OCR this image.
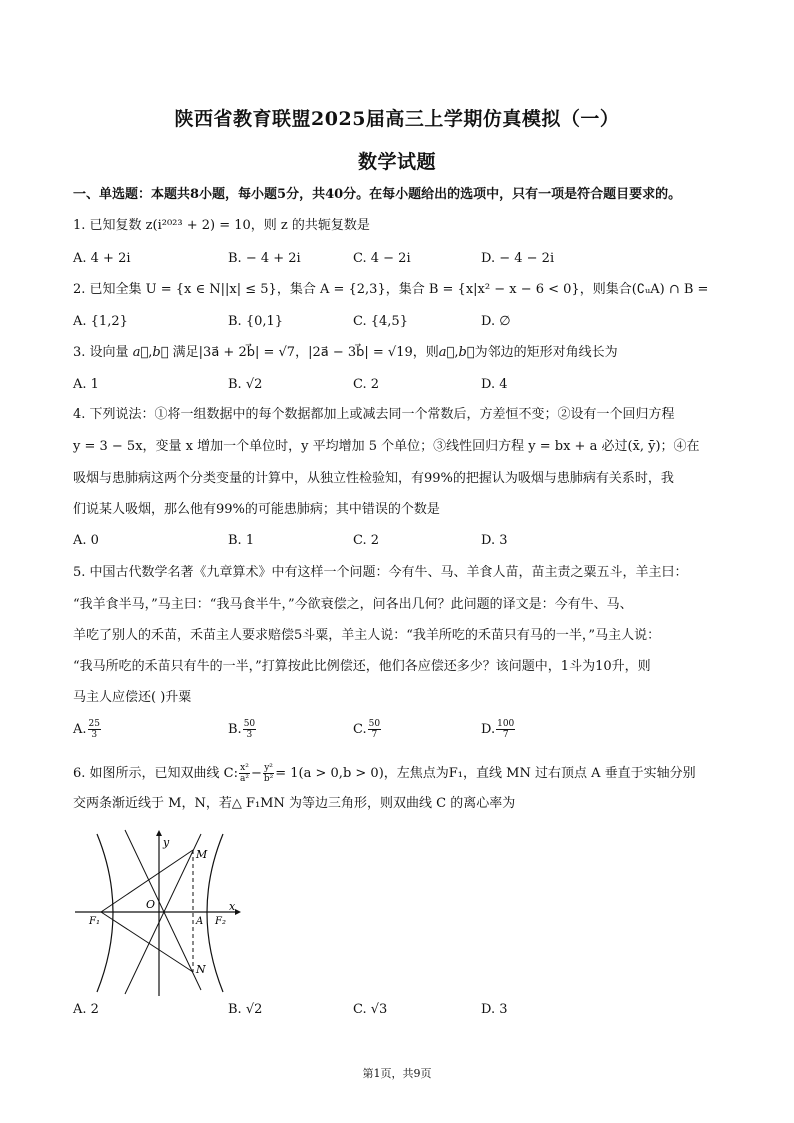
陕西省教育联盟2025届高三上学期仿真模拟（一）
数学试题
一、单选题：本题共8小题，每小题5分，共40分。在每小题给出的选项中，只有一项是符合题目要求的。
1. 已知复数 z(i²⁰²³ + 2) = 10，则 z 的共轭复数是
A. 4 + 2i	B. − 4 + 2i	C. 4 − 2i	D. − 4 − 2i
2. 已知全集 U = {x ∈ N||x| ≤ 5}，集合 A = {2,3}，集合 B = {x|x² − x − 6 < 0}，则集合(∁ᵤA) ∩ B =
A. {1,2}	B. {0,1}	C. {4,5}	D. ∅
3. 设向量 a⃗,b⃗ 满足|3a⃗ + 2b⃗| = √7，|2a⃗ − 3b⃗| = √19，则a⃗,b⃗为邻边的矩形对角线长为
A. 1	B. √2	C. 2	D. 4
4. 下列说法：①将一组数据中的每个数据都加上或减去同一个常数后，方差恒不变；②设有一个回归方程
y = 3 − 5x，变量 x 增加一个单位时，y 平均增加 5 个单位；③线性回归方程 y = bx + a 必过(x̄, ȳ)；④在
吸烟与患肺病这两个分类变量的计算中，从独立性检验知，有99%的把握认为吸烟与患肺病有关系时，我
们说某人吸烟，那么他有99%的可能患肺病；其中错误的个数是
A. 0	B. 1	C. 2	D. 3
5. 中国古代数学名著《九章算术》中有这样一个问题：今有牛、马、羊食人苗，苗主责之粟五斗，羊主曰：
“我羊食半马，”马主曰：“我马食半牛，”今欲衰偿之，问各出几何？此问题的译文是：今有牛、马、
羊吃了别人的禾苗，禾苗主人要求赔偿5斗粟，羊主人说：“我羊所吃的禾苗只有马的一半，”马主人说：
“我马所吃的禾苗只有牛的一半，”打算按此比例偿还，他们各应偿还多少？该问题中，1斗为10升，则
马主人应偿还( )升粟
A. $\frac{25}{3}$	B. $\frac{50}{3}$	C. $\frac{50}{7}$	D. $\frac{100}{7}$
6. 如图所示，已知双曲线 C: $\frac{\text{x²}}{\text{a²}} - \frac{\text{y²}}{\text{b²}} = 1(a > 0,b > 0)$，左焦点为F₁，直线 MN 过右顶点 A 垂直于实轴分别
交两条渐近线于 M，N，若△ F₁MN 为等边三角形，则双曲线 C 的离心率为
y
x
M
N
O
A
F₁	F₂
A. 2	B. √2	C. √3	D. 3
第1页，共9页
